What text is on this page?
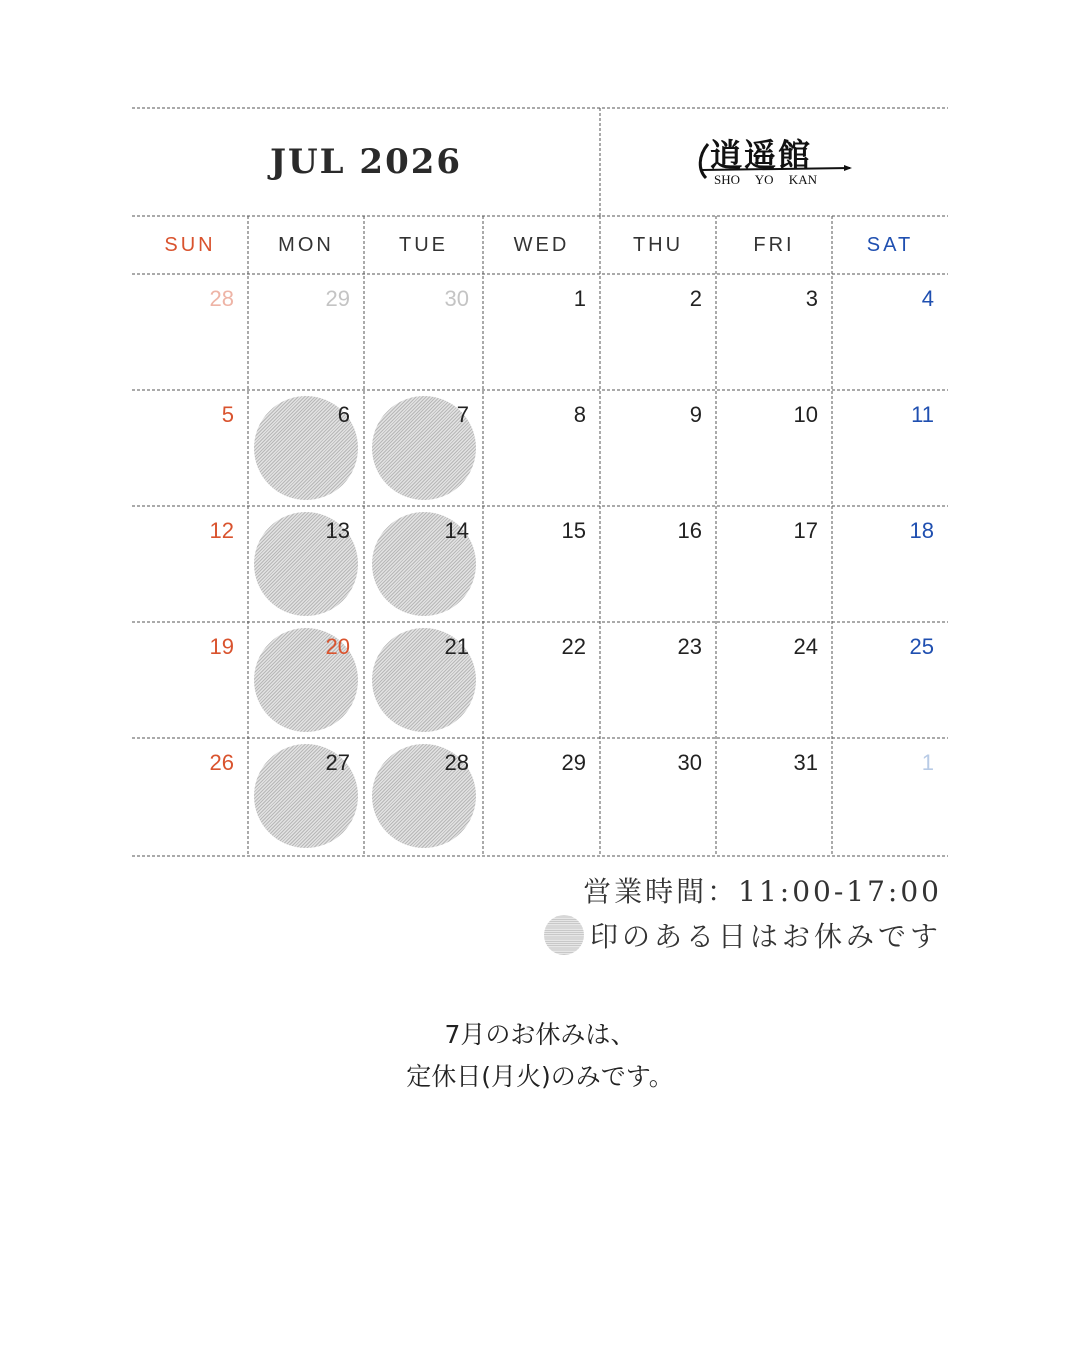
JUL 2026	逍遥館
SHO YO KAN
SUN	MON	TUE	WED	THU	FRI	SAT
28	29	30	1	2	3	4
5	6	7	8	9	10	11
12	13	14	15	16	17	18
19	20	21	22	23	24	25
26	27	28	29	30	31	1
営業時間：11:00-17:00
印のある日はお休みです
7月のお休みは、
定休日(月火)のみです。
